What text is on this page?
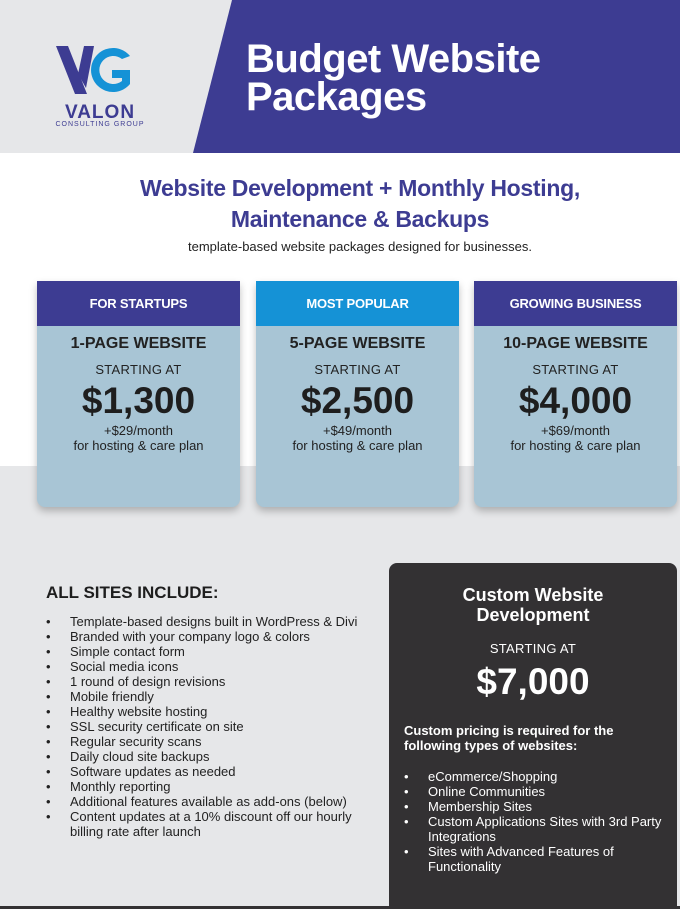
VALON
CONSULTING GROUP
Budget Website
Packages
Website Development + Monthly Hosting,
Maintenance & Backups
template-based website packages designed for businesses.
FOR STARTUPS
1-PAGE WEBSITE
STARTING AT
$1,300
+$29/month
for hosting & care plan
MOST POPULAR
5-PAGE WEBSITE
STARTING AT
$2,500
+$49/month
for hosting & care plan
GROWING BUSINESS
10-PAGE WEBSITE
STARTING AT
$4,000
+$69/month
for hosting & care plan
ALL SITES INCLUDE:
• Template-based designs built in WordPress & Divi
• Branded with your company logo & colors
• Simple contact form
• Social media icons
• 1 round of design revisions
• Mobile friendly
• Healthy website hosting
• SSL security certificate on site
• Regular security scans
• Daily cloud site backups
• Software updates as needed
• Monthly reporting
• Additional features available as add-ons (below)
• Content updates at a 10% discount off our hourly billing rate after launch
Custom Website
Development
STARTING AT
$7,000
Custom pricing is required for the following types of websites:
• eCommerce/Shopping
• Online Communities
• Membership Sites
• Custom Applications Sites with 3rd Party Integrations
• Sites with Advanced Features of Functionality
